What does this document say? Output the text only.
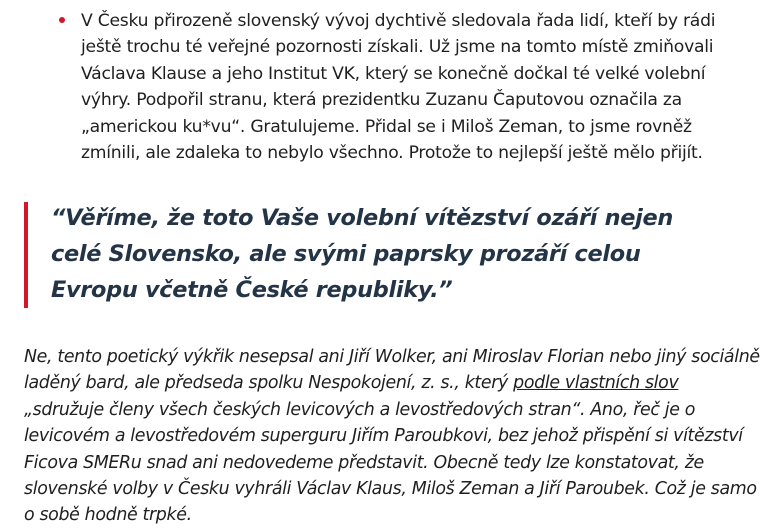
V Česku přirozeně slovenský vývoj dychtivě sledovala řada lidí, kteří by rádi ještě trochu té veřejné pozornosti získali. Už jsme na tomto místě zmiňovali Václava Klause a jeho Institut VK, který se konečně dočkal té velké volební výhry. Podpořil stranu, která prezidentku Zuzanu Čaputovou označila za „americkou ku*vu“. Gratulujeme. Přidal se i Miloš Zeman, to jsme rovněž zmínili, ale zdaleka to nebylo všechno. Protože to nejlepší ještě mělo přijít.
“Věříme, že toto Vaše volební vítězství ozáří nejen celé Slovensko, ale svými paprsky prozáří celou Evropu včetně České republiky.”

Ne, tento poetický výkřik nesepsal ani Jiří Wolker, ani Miroslav Florian nebo jiný sociálně laděný bard, ale předseda spolku Nespokojení, z. s., který podle vlastních slov „sdružuje členy všech českých levicových a levostředových stran“. Ano, řeč je o levicovém a levostředovém superguru Jiřím Paroubkovi, bez jehož přispění si vítězství Ficova SMERu snad ani nedovedeme představit. Obecně tedy lze konstatovat, že slovenské volby v Česku vyhráli Václav Klaus, Miloš Zeman a Jiří Paroubek. Což je samo o sobě hodně trpké.
